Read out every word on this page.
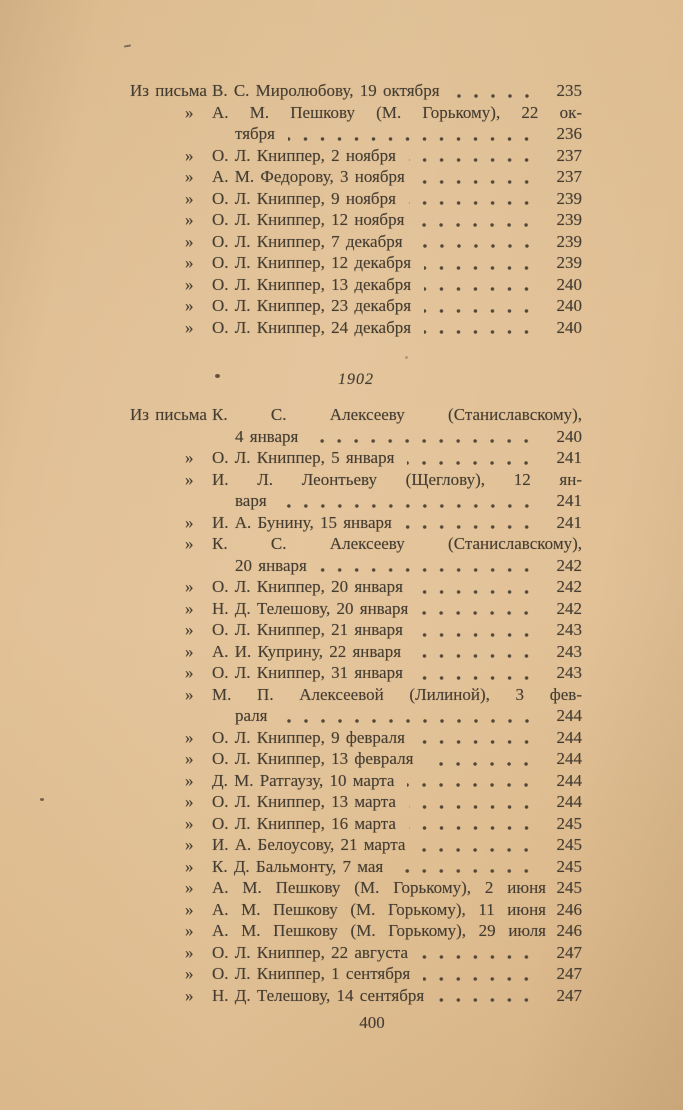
Из письма В. С. Миролюбову, 19 октября	235
»	А. М. Пешкову (М. Горькому), 22 ок-
тября	236
»	О. Л. Книппер, 2 ноября	237
»	А. М. Федорову, 3 ноября	237
»	О. Л. Книппер, 9 ноября	239
»	О. Л. Книппер, 12 ноября	239
»	О. Л. Книппер, 7 декабря	239
»	О. Л. Книппер, 12 декабря	239
»	О. Л. Книппер, 13 декабря	240
»	О. Л. Книппер, 23 декабря	240
»	О. Л. Книппер, 24 декабря	240
1902
Из письма К. С. Алексееву (Станиславскому),
4 января	240
»	О. Л. Книппер, 5 января	241
»	И. Л. Леонтьеву (Щеглову), 12 ян-
варя	241
»	И. А. Бунину, 15 января	241
»	К. С. Алексееву (Станиславскому),
20 января	242
»	О. Л. Книппер, 20 января	242
»	Н. Д. Телешову, 20 января	242
»	О. Л. Книппер, 21 января	243
»	А. И. Куприну, 22 января	243
»	О. Л. Книппер, 31 января	243
»	М. П. Алексеевой (Лилиной), 3 фев-
раля	244
»	О. Л. Книппер, 9 февраля	244
»	О. Л. Книппер, 13 февраля	244
»	Д. М. Ратгаузу, 10 марта	244
»	О. Л. Книппер, 13 марта	244
»	О. Л. Книппер, 16 марта	245
»	И. А. Белоусову, 21 марта	245
»	К. Д. Бальмонту, 7 мая	245
»	А. М. Пешкову (М. Горькому), 2 июня 245
»	А. М. Пешкову (М. Горькому), 11 июня 246
»	А. М. Пешкову (М. Горькому), 29 июля 246
»	О. Л. Книппер, 22 августа	247
»	О. Л. Книппер, 1 сентября	247
»	Н. Д. Телешову, 14 сентября	247
400
